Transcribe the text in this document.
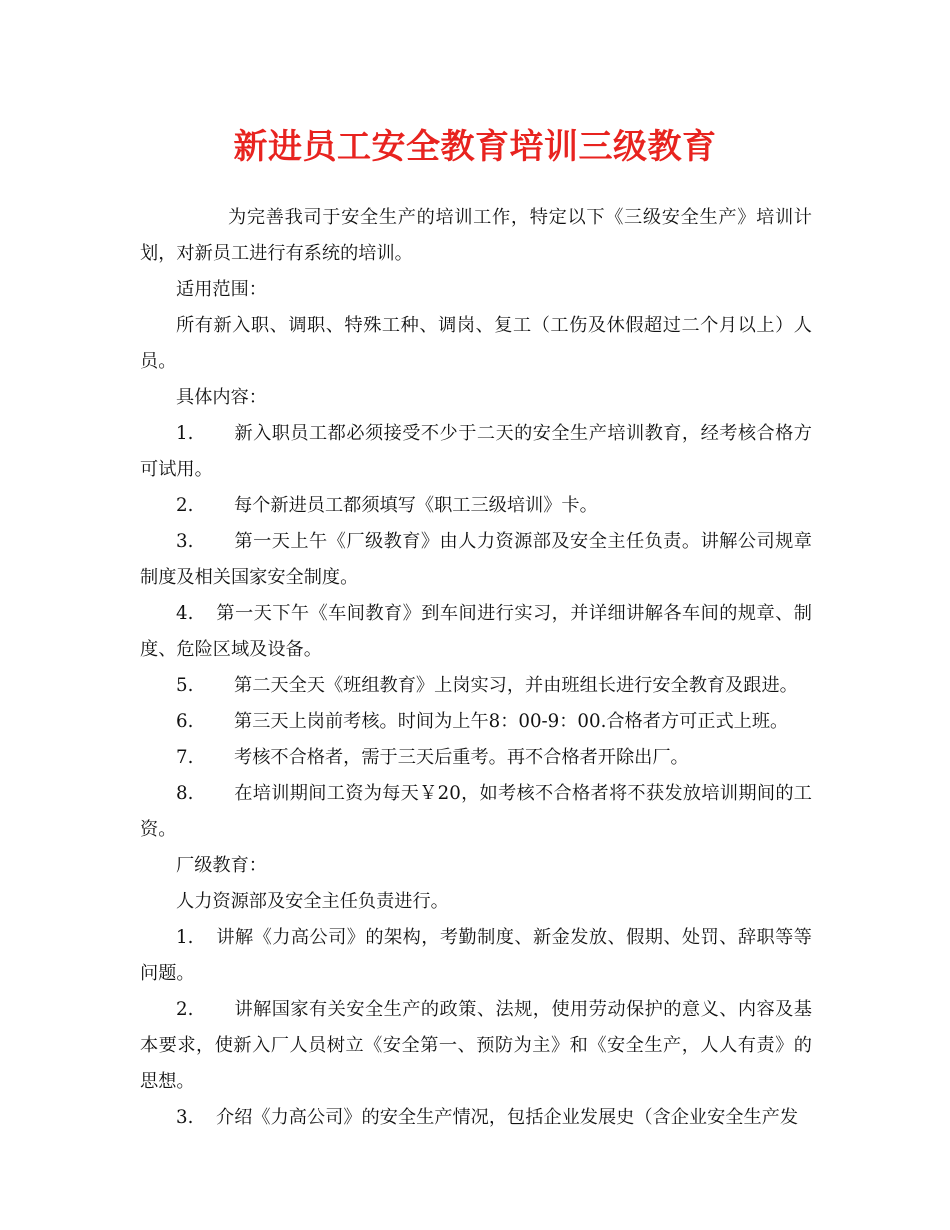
新进员工安全教育培训三级教育

为完善我司于安全生产的培训工作，特定以下《三级安全生产》培训计划，对新员工进行有系统的培训。

适用范围：

所有新入职、调职、特殊工种、调岗、复工（工伤及休假超过二个月以上）人员。

具体内容：

1. 新入职员工都必须接受不少于二天的安全生产培训教育，经考核合格方可试用。

2. 每个新进员工都须填写《职工三级培训》卡。

3. 第一天上午《厂级教育》由人力资源部及安全主任负责。讲解公司规章制度及相关国家安全制度。

4. 第一天下午《车间教育》到车间进行实习，并详细讲解各车间的规章、制度、危险区域及设备。

5. 第二天全天《班组教育》上岗实习，并由班组长进行安全教育及跟进。

6. 第三天上岗前考核。时间为上午8：00-9：00.合格者方可正式上班。

7. 考核不合格者，需于三天后重考。再不合格者开除出厂。

8. 在培训期间工资为每天￥20，如考核不合格者将不获发放培训期间的工资。

厂级教育：

人力资源部及安全主任负责进行。

1. 讲解《力高公司》的架构，考勤制度、新金发放、假期、处罚、辞职等等问题。

2. 讲解国家有关安全生产的政策、法规，使用劳动保护的意义、内容及基本要求，使新入厂人员树立《安全第一、预防为主》和《安全生产，人人有责》的思想。

3. 介绍《力高公司》的安全生产情况，包括企业发展史（含企业安全生产发
